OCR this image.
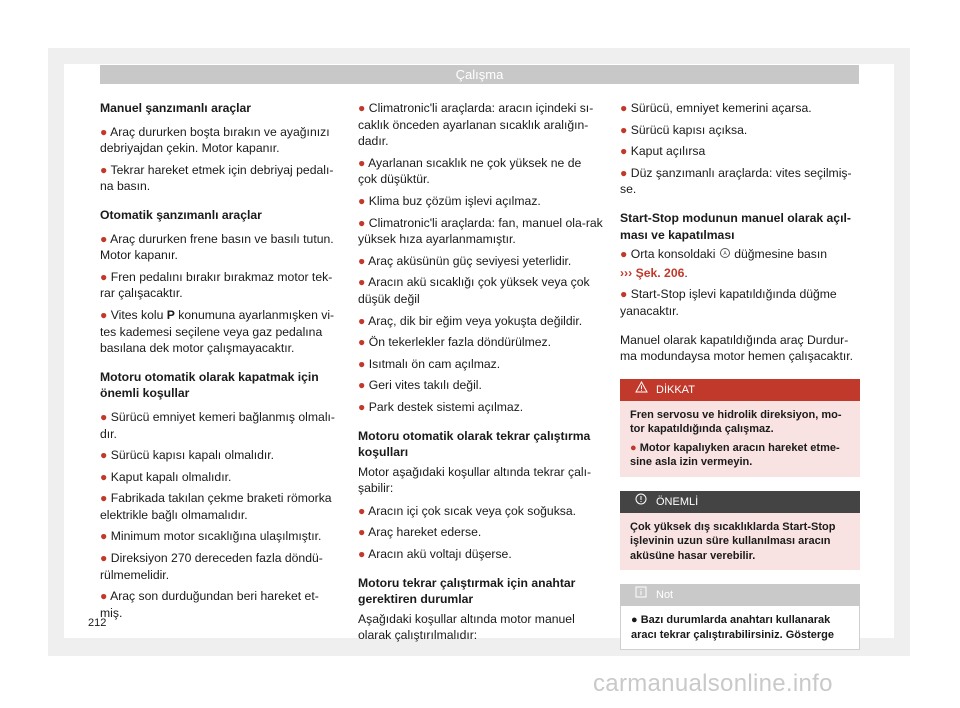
Çalışma
Manuel şanzımanlı araçlar
● Araç dururken boşta bırakın ve ayağınızı debriyajdan çekin. Motor kapanır.
● Tekrar hareket etmek için debriyaj pedalı-na basın.
Otomatik şanzımanlı araçlar
● Araç dururken frene basın ve basılı tutun. Motor kapanır.
● Fren pedalını bırakır bırakmaz motor tek-rar çalışacaktır.
● Vites kolu P konumuna ayarlanmışken vi-tes kademesi seçilene veya gaz pedalına basılana dek motor çalışmayacaktır.
Motoru otomatik olarak kapatmak için önemli koşullar
● Sürücü emniyet kemeri bağlanmış olmalı-dır.
● Sürücü kapısı kapalı olmalıdır.
● Kaput kapalı olmalıdır.
● Fabrikada takılan çekme braketi römorka elektrikle bağlı olmamalıdır.
● Minimum motor sıcaklığına ulaşılmıştır.
● Direksiyon 270 dereceden fazla döndü-rülmemelidir.
● Araç son durduğundan beri hareket et-miş.
● Climatronic'li araçlarda: aracın içindeki sı-caklık önceden ayarlanan sıcaklık aralığın-dadır.
● Ayarlanan sıcaklık ne çok yüksek ne de çok düşüktür.
● Klima buz çözüm işlevi açılmaz.
● Climatronic'li araçlarda: fan, manuel ola-rak yüksek hıza ayarlanmamıştır.
● Araç aküsünün güç seviyesi yeterlidir.
● Aracın akü sıcaklığı çok yüksek veya çok düşük değil
● Araç, dik bir eğim veya yokuşta değildir.
● Ön tekerlekler fazla döndürülmez.
● Isıtmalı ön cam açılmaz.
● Geri vites takılı değil.
● Park destek sistemi açılmaz.
Motoru otomatik olarak tekrar çalıştırma koşulları
Motor aşağıdaki koşullar altında tekrar çalı-şabilir:
● Aracın içi çok sıcak veya çok soğuksa.
● Araç hareket ederse.
● Aracın akü voltajı düşerse.
Motoru tekrar çalıştırmak için anahtar gerektiren durumlar
Aşağıdaki koşullar altında motor manuel olarak çalıştırılmalıdır:
● Sürücü, emniyet kemerini açarsa.
● Sürücü kapısı açıksa.
● Kaput açılırsa
● Düz şanzımanlı araçlarda: vites seçilmiş-se.
Start-Stop modunun manuel olarak açıl-ması ve kapatılması
● Orta konsoldaki A düğmesine basın
››› Şek. 206.
● Start-Stop işlevi kapatıldığında düğme yanacaktır.
Manuel olarak kapatıldığında araç Durdur-ma modundaysa motor hemen çalışacaktır.
DİKKAT
Fren servosu ve hidrolik direksiyon, mo-tor kapatıldığında çalışmaz.
● Motor kapalıyken aracın hareket etme-sine asla izin vermeyin.
ÖNEMLİ
Çok yüksek dış sıcaklıklarda Start-Stop işlevinin uzun süre kullanılması aracın aküsüne hasar verebilir.
Not
● Bazı durumlarda anahtarı kullanarak aracı tekrar çalıştırabilirsiniz. Gösterge
212
carmanualsonline.info
